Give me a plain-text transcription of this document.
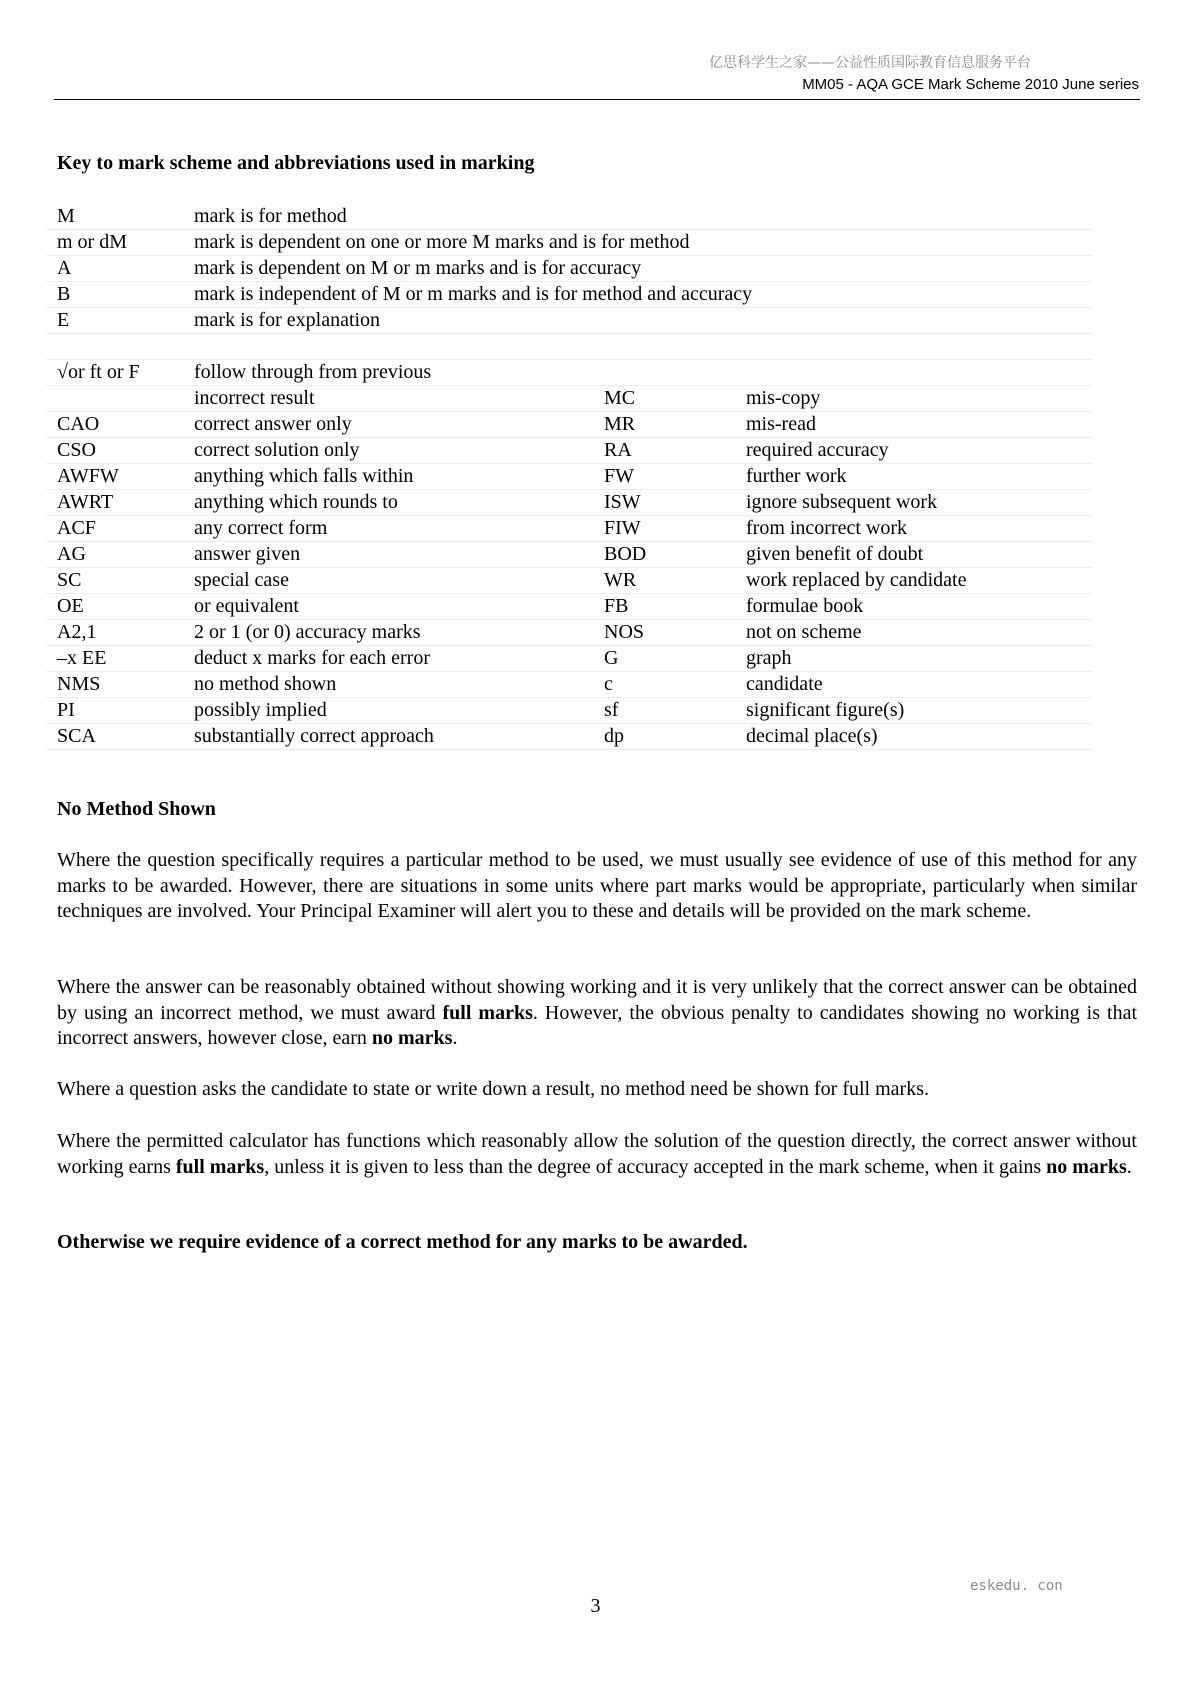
亿思科学生之家——公益性质国际教育信息服务平台
MM05 - AQA GCE Mark Scheme 2010 June series
Key to mark scheme and abbreviations used in marking
M	mark is for method		
m or dM	mark is dependent on one or more M marks and is for method		
A	mark is dependent on M or m marks and is for accuracy		
B	mark is independent of M or m marks and is for method and accuracy		
E	mark is for explanation		

√or ft or F	follow through from previous		
	incorrect result	MC	mis-copy
CAO	correct answer only	MR	mis-read
CSO	correct solution only	RA	required accuracy
AWFW	anything which falls within	FW	further work
AWRT	anything which rounds to	ISW	ignore subsequent work
ACF	any correct form	FIW	from incorrect work
AG	answer given	BOD	given benefit of doubt
SC	special case	WR	work replaced by candidate
OE	or equivalent	FB	formulae book
A2,1	2 or 1 (or 0) accuracy marks	NOS	not on scheme
–x EE	deduct x marks for each error	G	graph
NMS	no method shown	c	candidate
PI	possibly implied	sf	significant figure(s)
SCA	substantially correct approach	dp	decimal place(s)
No Method Shown

Where the question specifically requires a particular method to be used, we must usually see evidence of use of this method for any marks to be awarded. However, there are situations in some units where part marks would be appropriate, particularly when similar techniques are involved. Your Principal Examiner will alert you to these and details will be provided on the mark scheme.

Where the answer can be reasonably obtained without showing working and it is very unlikely that the correct answer can be obtained by using an incorrect method, we must award full marks. However, the obvious penalty to candidates showing no working is that incorrect answers, however close, earn no marks.

Where a question asks the candidate to state or write down a result, no method need be shown for full marks.

Where the permitted calculator has functions which reasonably allow the solution of the question directly, the correct answer without working earns full marks, unless it is given to less than the degree of accuracy accepted in the mark scheme, when it gains no marks.

Otherwise we require evidence of a correct method for any marks to be awarded.

eskedu. con
3
